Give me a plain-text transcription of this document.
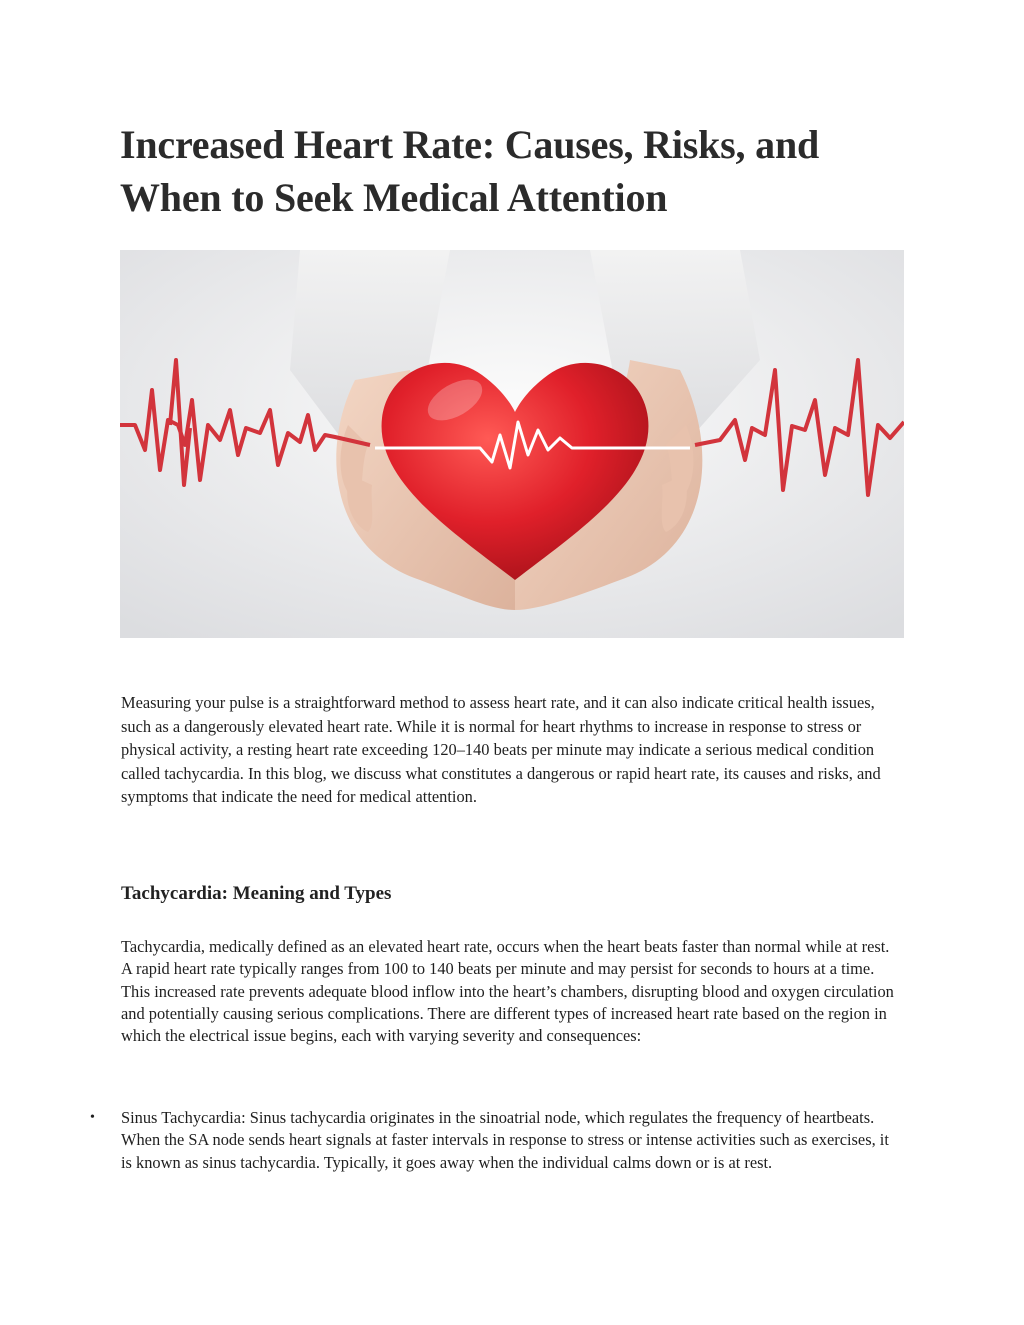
Increased Heart Rate: Causes, Risks, and When to Seek Medical Attention

Measuring your pulse is a straightforward method to assess heart rate, and it can also indicate critical health issues, such as a dangerously elevated heart rate. While it is normal for heart rhythms to increase in response to stress or physical activity, a resting heart rate exceeding 120–140 beats per minute may indicate a serious medical condition called tachycardia. In this blog, we discuss what constitutes a dangerous or rapid heart rate, its causes and risks, and symptoms that indicate the need for medical attention.

Tachycardia: Meaning and Types

Tachycardia, medically defined as an elevated heart rate, occurs when the heart beats faster than normal while at rest. A rapid heart rate typically ranges from 100 to 140 beats per minute and may persist for seconds to hours at a time. This increased rate prevents adequate blood inflow into the heart’s chambers, disrupting blood and oxygen circulation and potentially causing serious complications. There are different types of increased heart rate based on the region in which the electrical issue begins, each with varying severity and consequences:

• Sinus Tachycardia: Sinus tachycardia originates in the sinoatrial node, which regulates the frequency of heartbeats. When the SA node sends heart signals at faster intervals in response to stress or intense activities such as exercises, it is known as sinus tachycardia. Typically, it goes away when the individual calms down or is at rest.
